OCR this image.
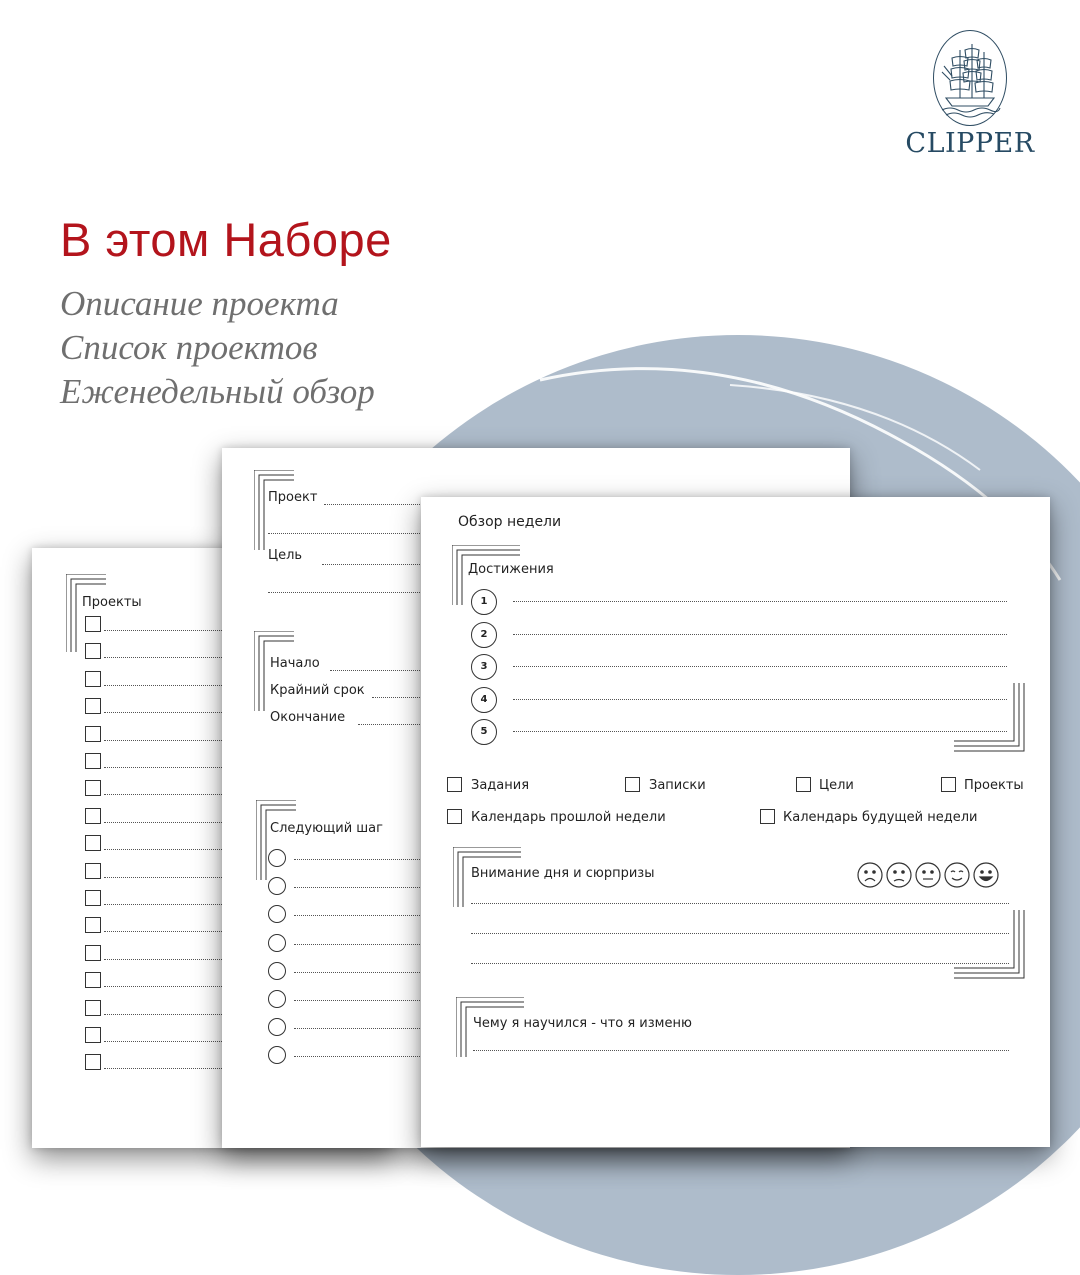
CLIPPER
В этом Наборе
Описание проекта
Список проектов
Еженедельный обзор
Проекты
Проект
Цель
Начало
Крайний срок
Окончание
Следующий шаг
Обзор недели
Достижения
1
2
3
4
5
Задания	Записки	Цели	Проекты
Календарь прошлой недели	Календарь будущей недели
Внимание дня и сюрпризы
Чему я научился - что я изменю
